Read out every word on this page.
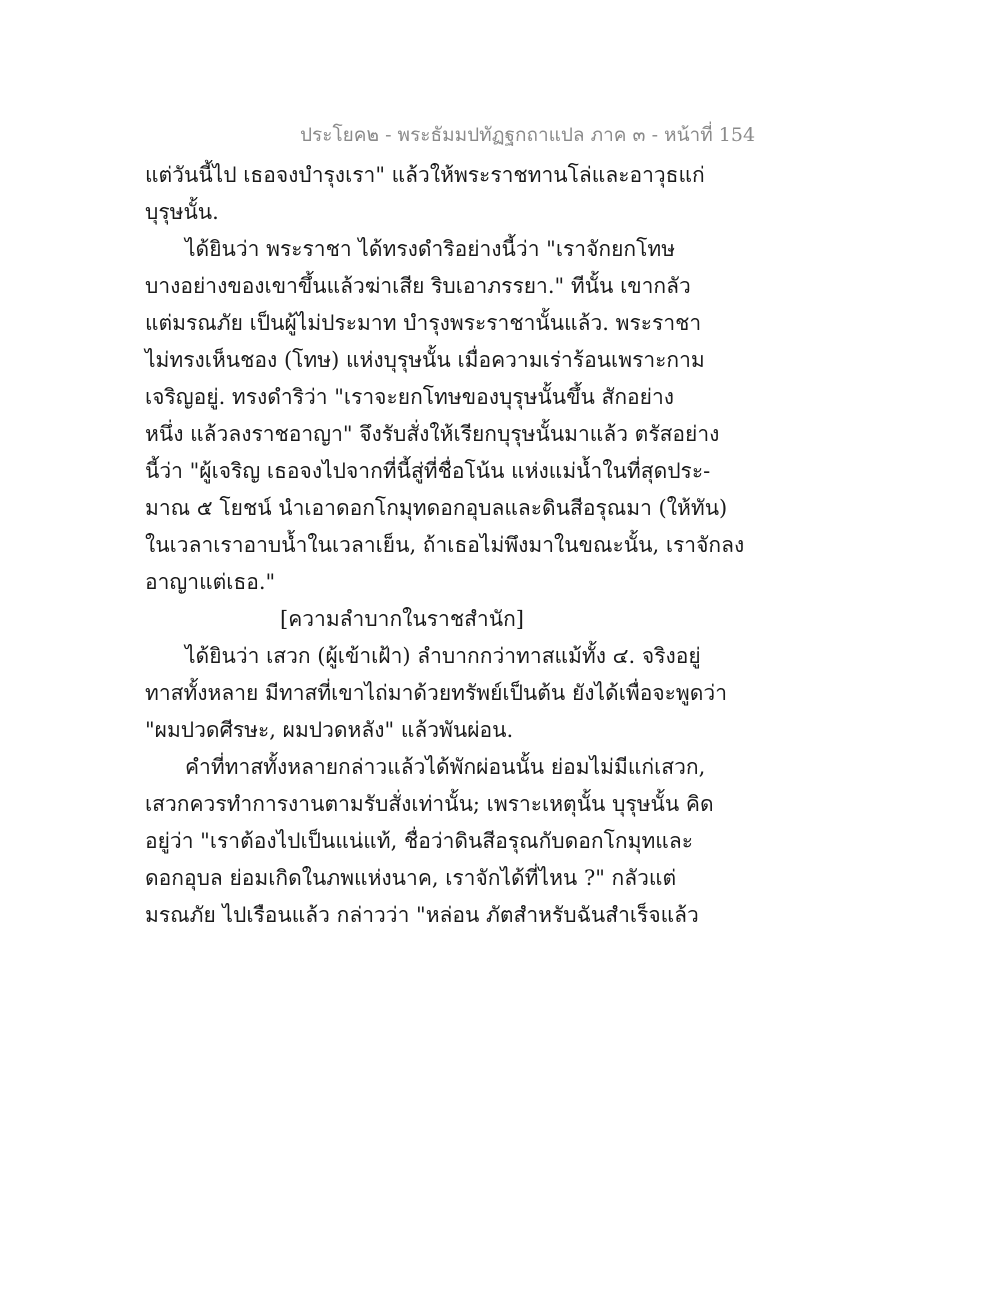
ประโยค๒ - พระธัมมปทัฏฐกถาแปล ภาค ๓ - หน้าที่ 154
แต่วันนี้ไป เธอจงบำรุงเรา" แล้วให้พระราชทานโล่และอาวุธแก่
บุรุษนั้น.
ได้ยินว่า พระราชา ได้ทรงดำริอย่างนี้ว่า "เราจักยกโทษ
บางอย่างของเขาขึ้นแล้วฆ่าเสีย ริบเอาภรรยา." ทีนั้น เขากลัว
แต่มรณภัย เป็นผู้ไม่ประมาท บำรุงพระราชานั้นแล้ว. พระราชา
ไม่ทรงเห็นชอง (โทษ) แห่งบุรุษนั้น เมื่อความเร่าร้อนเพราะกาม
เจริญอยู่. ทรงดำริว่า "เราจะยกโทษของบุรุษนั้นขึ้น สักอย่าง
หนึ่ง แล้วลงราชอาญา" จึงรับสั่งให้เรียกบุรุษนั้นมาแล้ว ตรัสอย่าง
นี้ว่า "ผู้เจริญ เธอจงไปจากที่นี้สู่ที่ชื่อโน้น แห่งแม่น้ำในที่สุดประ-
มาณ ๕ โยชน์ นำเอาดอกโกมุทดอกอุบลและดินสีอรุณมา (ให้ทัน)
ในเวลาเราอาบน้ำในเวลาเย็น, ถ้าเธอไม่พึงมาในขณะนั้น, เราจักลง
อาญาแต่เธอ."
[ความลำบากในราชสำนัก]
ได้ยินว่า เสวก (ผู้เข้าเฝ้า) ลำบากกว่าทาสแม้ทั้ง ๔. จริงอยู่
ทาสทั้งหลาย มีทาสที่เขาไถ่มาด้วยทรัพย์เป็นต้น ยังได้เพื่อจะพูดว่า
"ผมปวดศีรษะ, ผมปวดหลัง" แล้วพันผ่อน.
คำที่ทาสทั้งหลายกล่าวแล้วได้พักผ่อนนั้น ย่อมไม่มีแก่เสวก,
เสวกควรทำการงานตามรับสั่งเท่านั้น; เพราะเหตุนั้น บุรุษนั้น คิด
อยู่ว่า "เราต้องไปเป็นแน่แท้, ชื่อว่าดินสีอรุณกับดอกโกมุทและ
ดอกอุบล ย่อมเกิดในภพแห่งนาค, เราจักได้ที่ไหน ?" กลัวแต่
มรณภัย ไปเรือนแล้ว กล่าวว่า "หล่อน ภัตสำหรับฉันสำเร็จแล้ว
